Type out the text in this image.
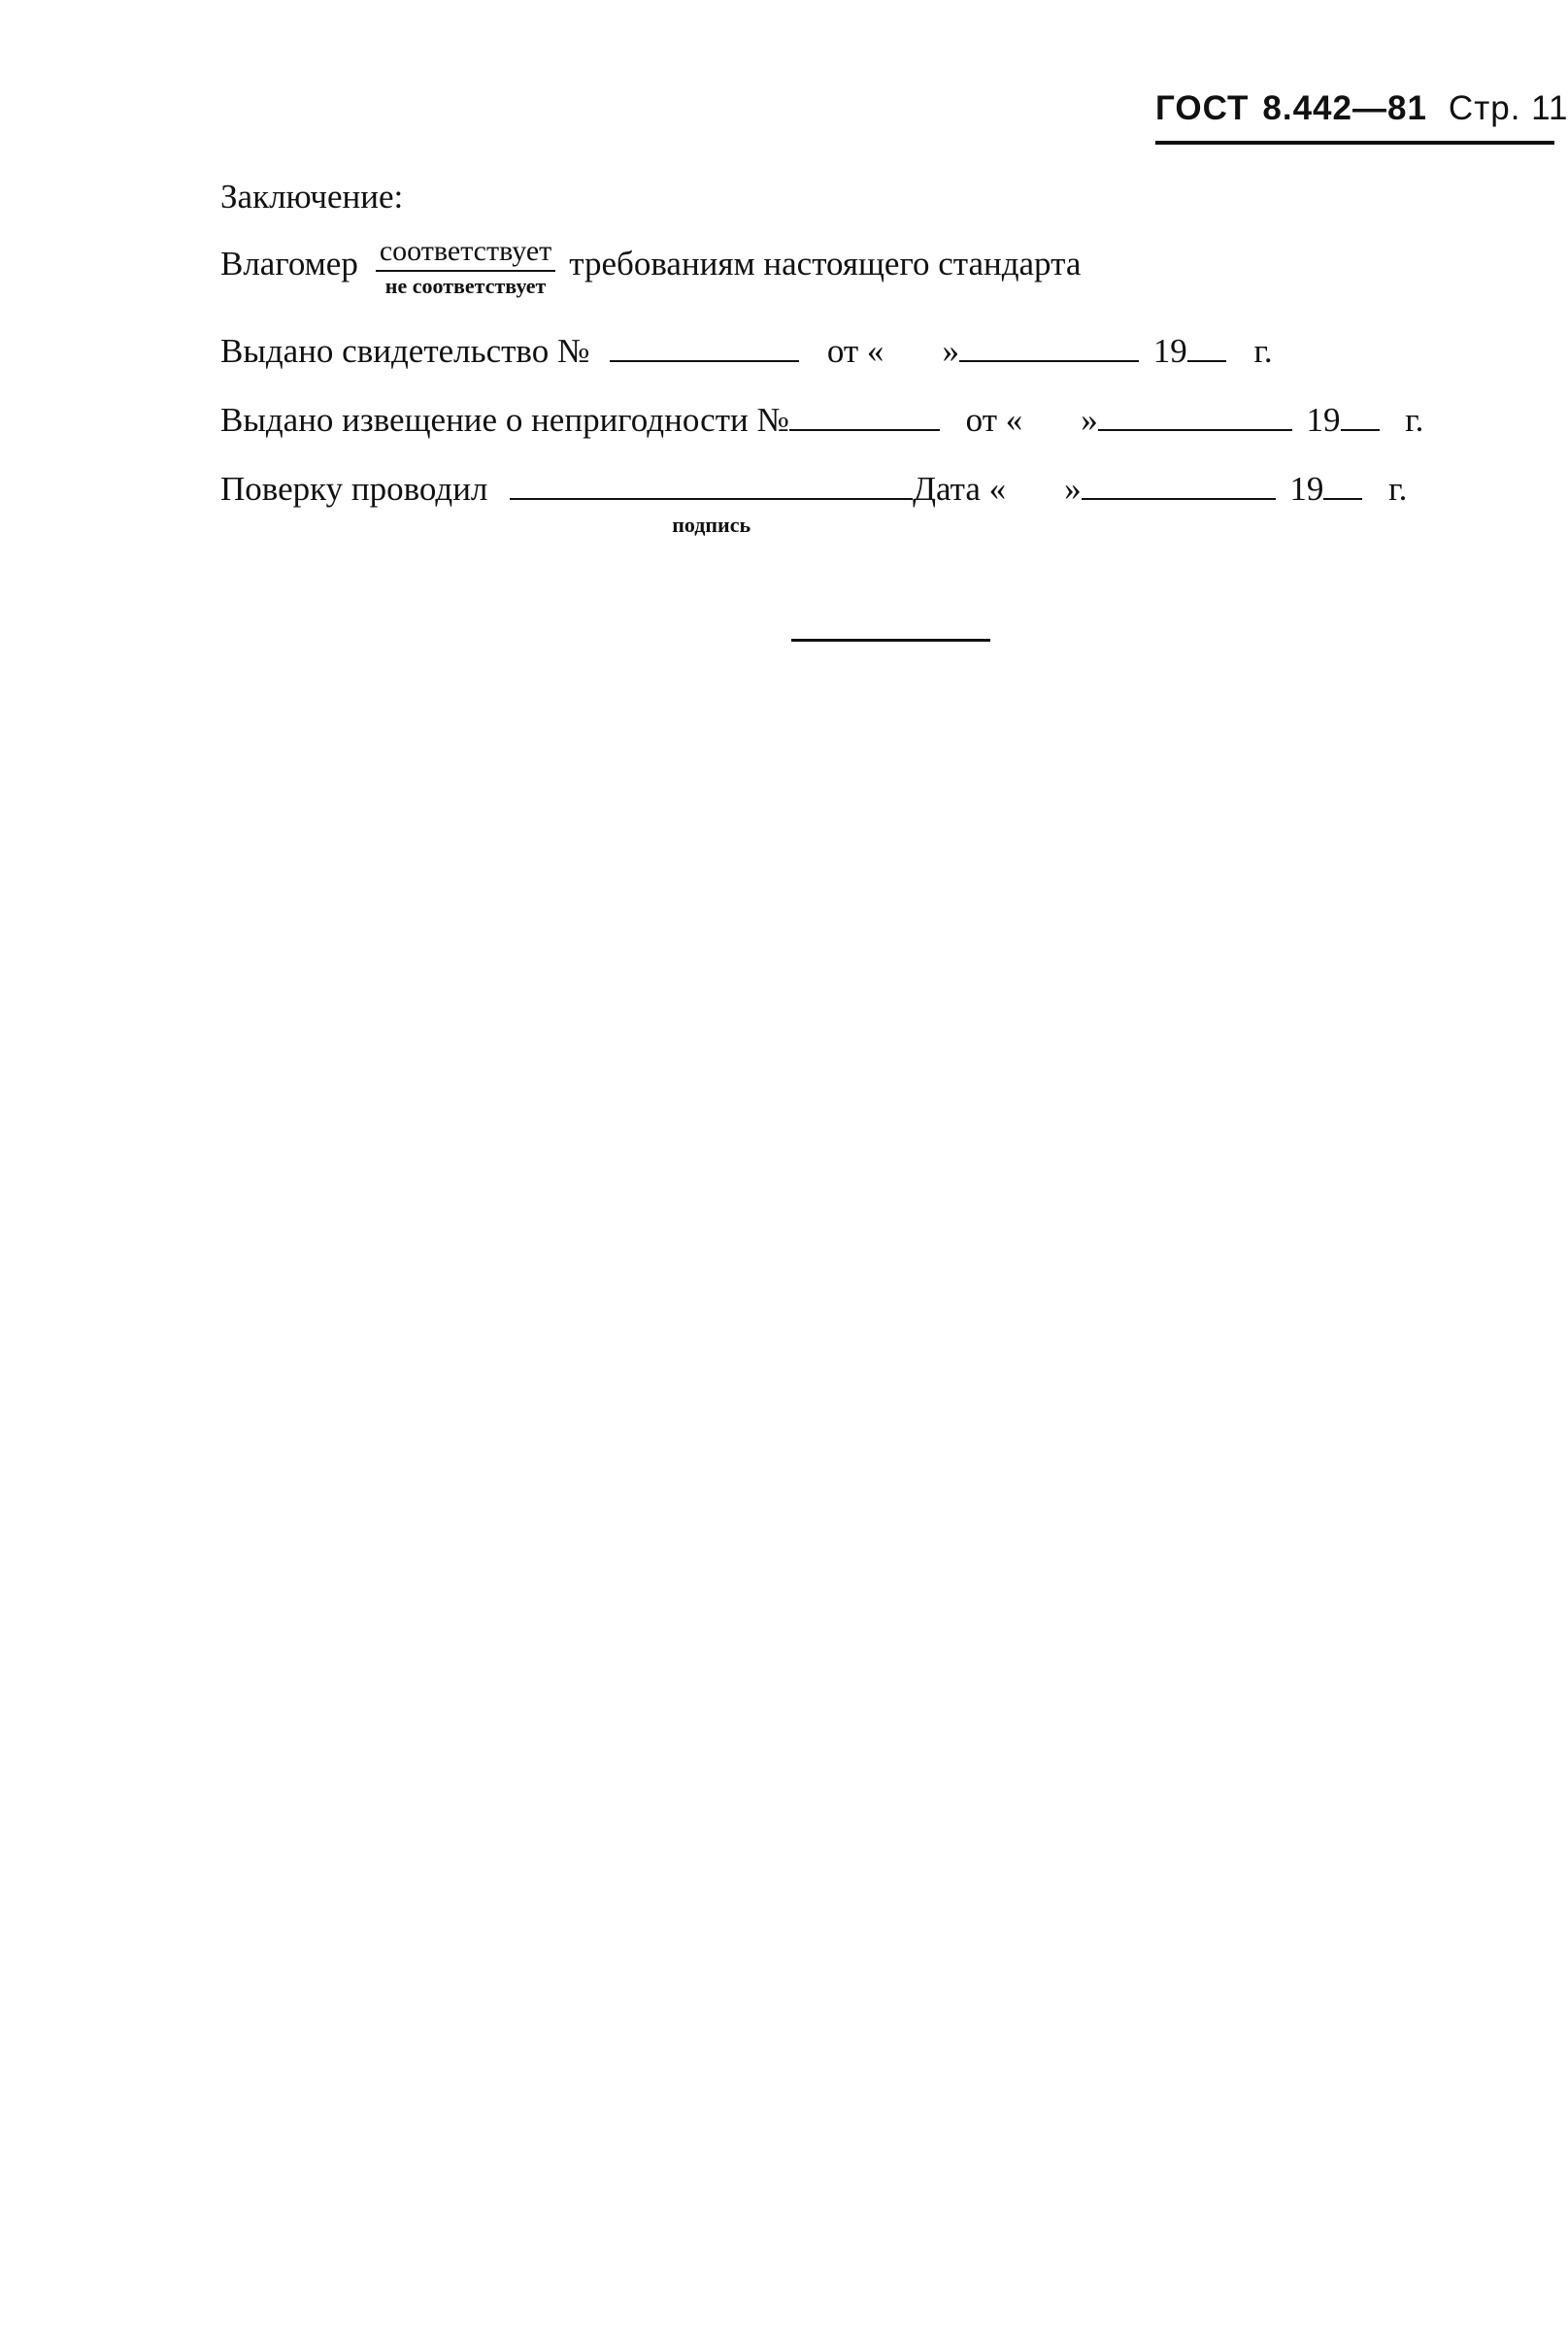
ГОСТ 8.442—81 Стр. 11
Заключение:
Влагомер $\frac{\text{соответствует}}{\text{не соответствует}}$ требованиям настоящего стандарта
Выдано свидетельство №	от « »	19 г.
Выдано извещение о непригодности №	от « »	19 г.
Поверку проводил
подпись
Дата « »	19 г.
